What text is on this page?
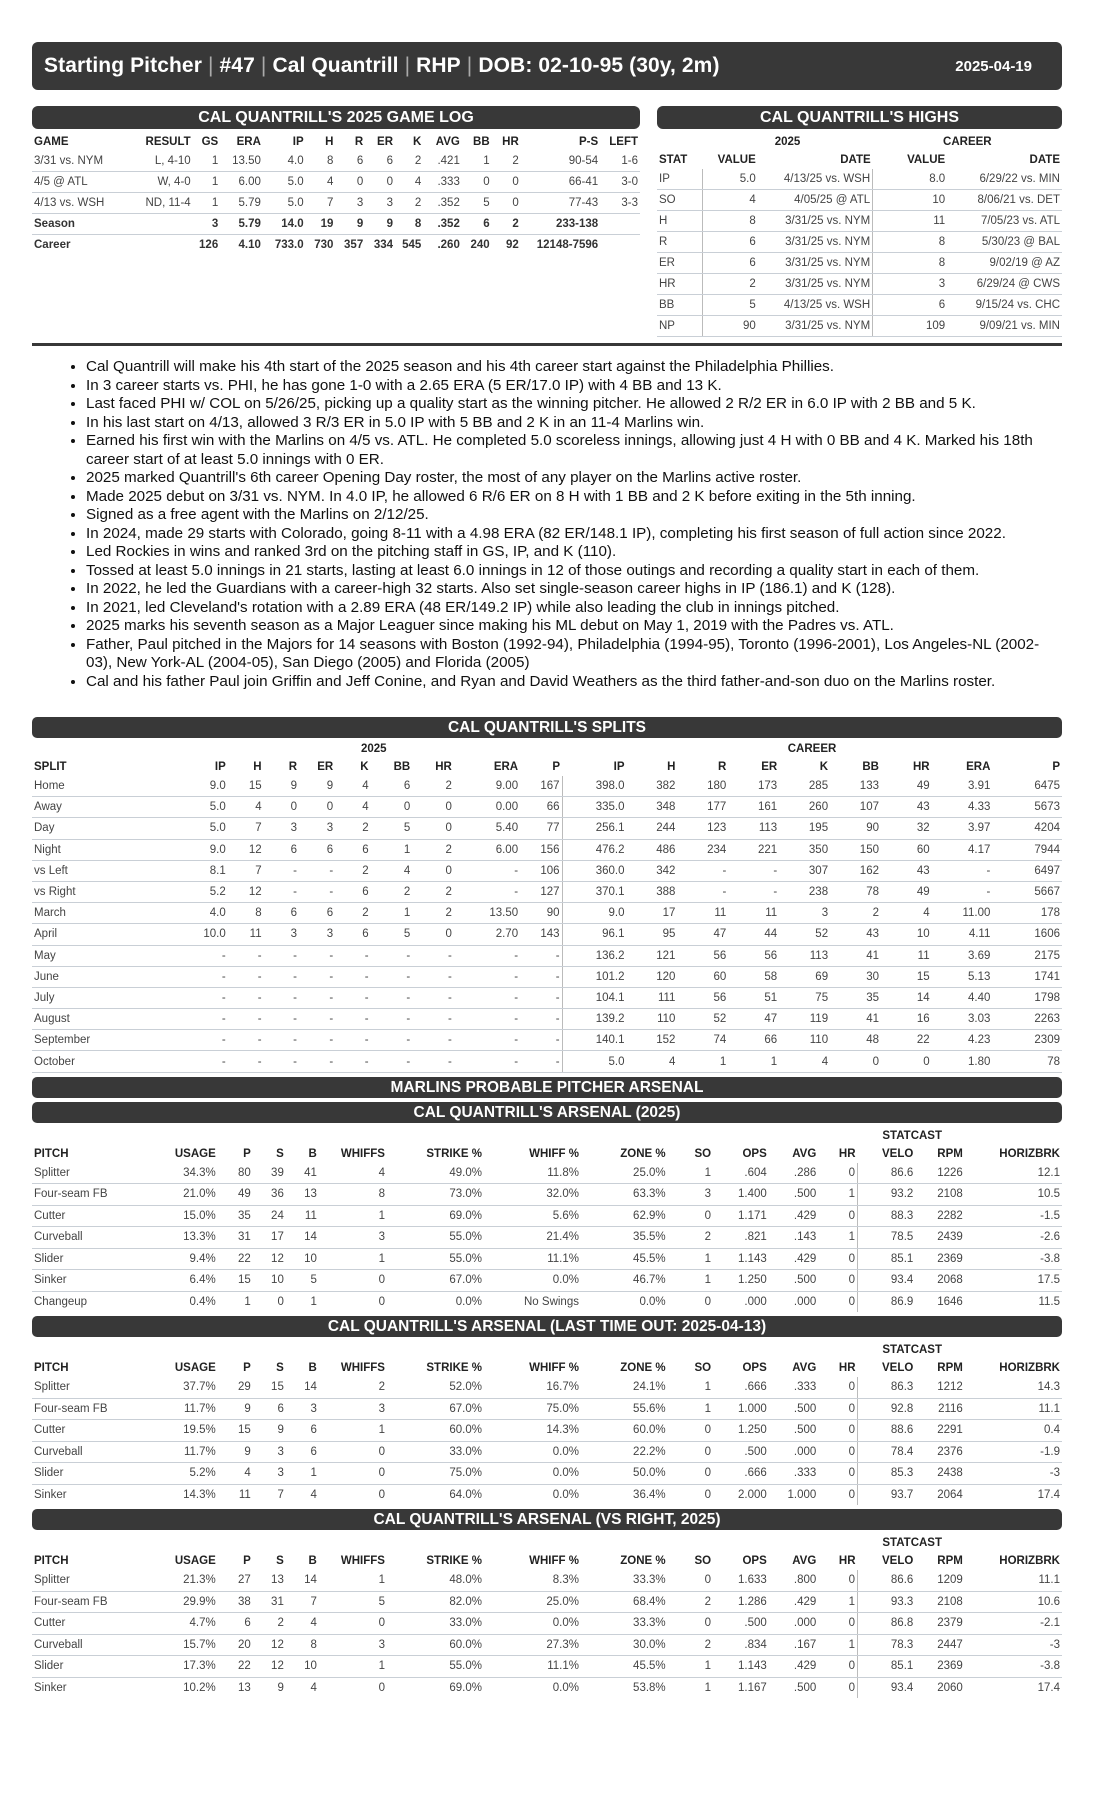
Starting Pitcher | #47 | Cal Quantrill | RHP | DOB: 02-10-95 (30y, 2m)	2025-04-19
CAL QUANTRILL'S 2025 GAME LOG
GAME	RESULT	GS	ERA	IP	H	R	ER	K	AVG	BB	HR	P-S	LEFT
3/31 vs. NYM	L, 4-10	1	13.50	4.0	8	6	6	2	.421	1	2	90-54	1-6
4/5 @ ATL	W, 4-0	1	6.00	5.0	4	0	0	4	.333	0	0	66-41	3-0
4/13 vs. WSH	ND, 11-4	1	5.79	5.0	7	3	3	2	.352	5	0	77-43	3-3
Season		3	5.79	14.0	19	9	9	8	.352	6	2	233-138	
Career		126	4.10	733.0	730	357	334	545	.260	240	92	12148-7596	
CAL QUANTRILL'S HIGHS
	2025		CAREER	
STAT	VALUE	DATE	VALUE	DATE
IP	5.0	4/13/25 vs. WSH	8.0	6/29/22 vs. MIN
SO	4	4/05/25 @ ATL	10	8/06/21 vs. DET
H	8	3/31/25 vs. NYM	11	7/05/23 vs. ATL
R	6	3/31/25 vs. NYM	8	5/30/23 @ BAL
ER	6	3/31/25 vs. NYM	8	9/02/19 @ AZ
HR	2	3/31/25 vs. NYM	3	6/29/24 @ CWS
BB	5	4/13/25 vs. WSH	6	9/15/24 vs. CHC
NP	90	3/31/25 vs. NYM	109	9/09/21 vs. MIN
• Cal Quantrill will make his 4th start of the 2025 season and his 4th career start against the Philadelphia Phillies.
• In 3 career starts vs. PHI, he has gone 1-0 with a 2.65 ERA (5 ER/17.0 IP) with 4 BB and 13 K.
• Last faced PHI w/ COL on 5/26/25, picking up a quality start as the winning pitcher. He allowed 2 R/2 ER in 6.0 IP with 2 BB and 5 K.
• In his last start on 4/13, allowed 3 R/3 ER in 5.0 IP with 5 BB and 2 K in an 11-4 Marlins win.
• Earned his first win with the Marlins on 4/5 vs. ATL. He completed 5.0 scoreless innings, allowing just 4 H with 0 BB and 4 K. Marked his 18th career start of at least 5.0 innings with 0 ER.
• 2025 marked Quantrill's 6th career Opening Day roster, the most of any player on the Marlins active roster.
• Made 2025 debut on 3/31 vs. NYM. In 4.0 IP, he allowed 6 R/6 ER on 8 H with 1 BB and 2 K before exiting in the 5th inning.
• Signed as a free agent with the Marlins on 2/12/25.
• In 2024, made 29 starts with Colorado, going 8-11 with a 4.98 ERA (82 ER/148.1 IP), completing his first season of full action since 2022.
• Led Rockies in wins and ranked 3rd on the pitching staff in GS, IP, and K (110).
• Tossed at least 5.0 innings in 21 starts, lasting at least 6.0 innings in 12 of those outings and recording a quality start in each of them.
• In 2022, he led the Guardians with a career-high 32 starts. Also set single-season career highs in IP (186.1) and K (128).
• In 2021, led Cleveland's rotation with a 2.89 ERA (48 ER/149.2 IP) while also leading the club in innings pitched.
• 2025 marks his seventh season as a Major Leaguer since making his ML debut on May 1, 2019 with the Padres vs. ATL.
• Father, Paul pitched in the Majors for 14 seasons with Boston (1992-94), Philadelphia (1994-95), Toronto (1996-2001), Los Angeles-NL (2002-03), New York-AL (2004-05), San Diego (2005) and Florida (2005)
• Cal and his father Paul join Griffin and Jeff Conine, and Ryan and David Weathers as the third father-and-son duo on the Marlins roster.
CAL QUANTRILL'S SPLITS
	2025									CAREER								
SPLIT	IP	H	R	ER	K	BB	HR	ERA	P	IP	H	R	ER	K	BB	HR	ERA	P
Home	9.0	15	9	9	4	6	2	9.00	167	398.0	382	180	173	285	133	49	3.91	6475
Away	5.0	4	0	0	4	0	0	0.00	66	335.0	348	177	161	260	107	43	4.33	5673
Day	5.0	7	3	3	2	5	0	5.40	77	256.1	244	123	113	195	90	32	3.97	4204
Night	9.0	12	6	6	6	1	2	6.00	156	476.2	486	234	221	350	150	60	4.17	7944
vs Left	8.1	7	-	-	2	4	0	-	106	360.0	342	-	-	307	162	43	-	6497
vs Right	5.2	12	-	-	6	2	2	-	127	370.1	388	-	-	238	78	49	-	5667
March	4.0	8	6	6	2	1	2	13.50	90	9.0	17	11	11	3	2	4	11.00	178
April	10.0	11	3	3	6	5	0	2.70	143	96.1	95	47	44	52	43	10	4.11	1606
May	-	-	-	-	-	-	-	-	-	136.2	121	56	56	113	41	11	3.69	2175
June	-	-	-	-	-	-	-	-	-	101.2	120	60	58	69	30	15	5.13	1741
July	-	-	-	-	-	-	-	-	-	104.1	111	56	51	75	35	14	4.40	1798
August	-	-	-	-	-	-	-	-	-	139.2	110	52	47	119	41	16	3.03	2263
September	-	-	-	-	-	-	-	-	-	140.1	152	74	66	110	48	22	4.23	2309
October	-	-	-	-	-	-	-	-	-	5.0	4	1	1	4	0	0	1.80	78
MARLINS PROBABLE PITCHER ARSENAL
CAL QUANTRILL'S ARSENAL (2025)
STATCAST
PITCH	USAGE	P	S	B	WHIFFS	STRIKE %	WHIFF %	ZONE %	SO	OPS	AVG	HR	VELO	RPM	HORIZBRK
Splitter	34.3%	80	39	41	4	49.0%	11.8%	25.0%	1	.604	.286	0	86.6	1226	12.1
Four-seam FB	21.0%	49	36	13	8	73.0%	32.0%	63.3%	3	1.400	.500	1	93.2	2108	10.5
Cutter	15.0%	35	24	11	1	69.0%	5.6%	62.9%	0	1.171	.429	0	88.3	2282	-1.5
Curveball	13.3%	31	17	14	3	55.0%	21.4%	35.5%	2	.821	.143	1	78.5	2439	-2.6
Slider	9.4%	22	12	10	1	55.0%	11.1%	45.5%	1	1.143	.429	0	85.1	2369	-3.8
Sinker	6.4%	15	10	5	0	67.0%	0.0%	46.7%	1	1.250	.500	0	93.4	2068	17.5
Changeup	0.4%	1	0	1	0	0.0%	No Swings	0.0%	0	.000	.000	0	86.9	1646	11.5
CAL QUANTRILL'S ARSENAL (LAST TIME OUT: 2025-04-13)
STATCAST
PITCH	USAGE	P	S	B	WHIFFS	STRIKE %	WHIFF %	ZONE %	SO	OPS	AVG	HR	VELO	RPM	HORIZBRK
Splitter	37.7%	29	15	14	2	52.0%	16.7%	24.1%	1	.666	.333	0	86.3	1212	14.3
Four-seam FB	11.7%	9	6	3	3	67.0%	75.0%	55.6%	1	1.000	.500	0	92.8	2116	11.1
Cutter	19.5%	15	9	6	1	60.0%	14.3%	60.0%	0	1.250	.500	0	88.6	2291	0.4
Curveball	11.7%	9	3	6	0	33.0%	0.0%	22.2%	0	.500	.000	0	78.4	2376	-1.9
Slider	5.2%	4	3	1	0	75.0%	0.0%	50.0%	0	.666	.333	0	85.3	2438	-3
Sinker	14.3%	11	7	4	0	64.0%	0.0%	36.4%	0	2.000	1.000	0	93.7	2064	17.4
CAL QUANTRILL'S ARSENAL (VS RIGHT, 2025)
STATCAST
PITCH	USAGE	P	S	B	WHIFFS	STRIKE %	WHIFF %	ZONE %	SO	OPS	AVG	HR	VELO	RPM	HORIZBRK
Splitter	21.3%	27	13	14	1	48.0%	8.3%	33.3%	0	1.633	.800	0	86.6	1209	11.1
Four-seam FB	29.9%	38	31	7	5	82.0%	25.0%	68.4%	2	1.286	.429	1	93.3	2108	10.6
Cutter	4.7%	6	2	4	0	33.0%	0.0%	33.3%	0	.500	.000	0	86.8	2379	-2.1
Curveball	15.7%	20	12	8	3	60.0%	27.3%	30.0%	2	.834	.167	1	78.3	2447	-3
Slider	17.3%	22	12	10	1	55.0%	11.1%	45.5%	1	1.143	.429	0	85.1	2369	-3.8
Sinker	10.2%	13	9	4	0	69.0%	0.0%	53.8%	1	1.167	.500	0	93.4	2060	17.4
